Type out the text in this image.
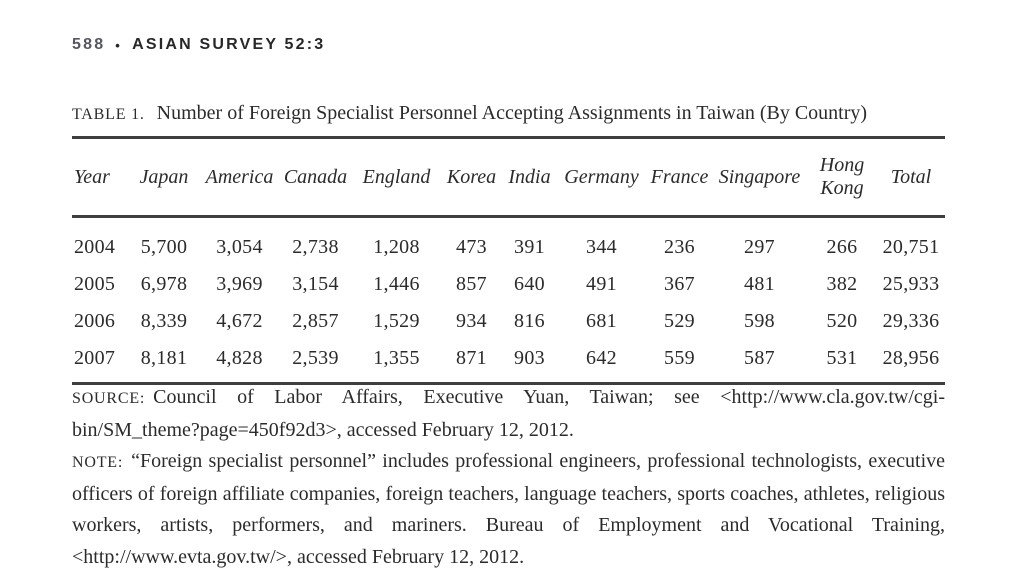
588 • ASIAN SURVEY 52:3
TABLE 1. Number of Foreign Specialist Personnel Accepting Assignments in Taiwan (By Country)
Year	Japan	America	Canada	England	Korea	India	Germany	France	Singapore	Hong Kong	Total
2004	5,700	3,054	2,738	1,208	473	391	344	236	297	266	20,751
2005	6,978	3,969	3,154	1,446	857	640	491	367	481	382	25,933
2006	8,339	4,672	2,857	1,529	934	816	681	529	598	520	29,336
2007	8,181	4,828	2,539	1,355	871	903	642	559	587	531	28,956

SOURCE: Council of Labor Affairs, Executive Yuan, Taiwan; see <http://www.cla.gov.tw/cgi-bin/SM_theme?page=450f92d3>, accessed February 12, 2012.

NOTE: “Foreign specialist personnel” includes professional engineers, professional technologists, executive officers of foreign affiliate companies, foreign teachers, language teachers, sports coaches, athletes, religious workers, artists, performers, and mariners. Bureau of Employment and Vocational Training, <http://www.evta.gov.tw/>, accessed February 12, 2012.
